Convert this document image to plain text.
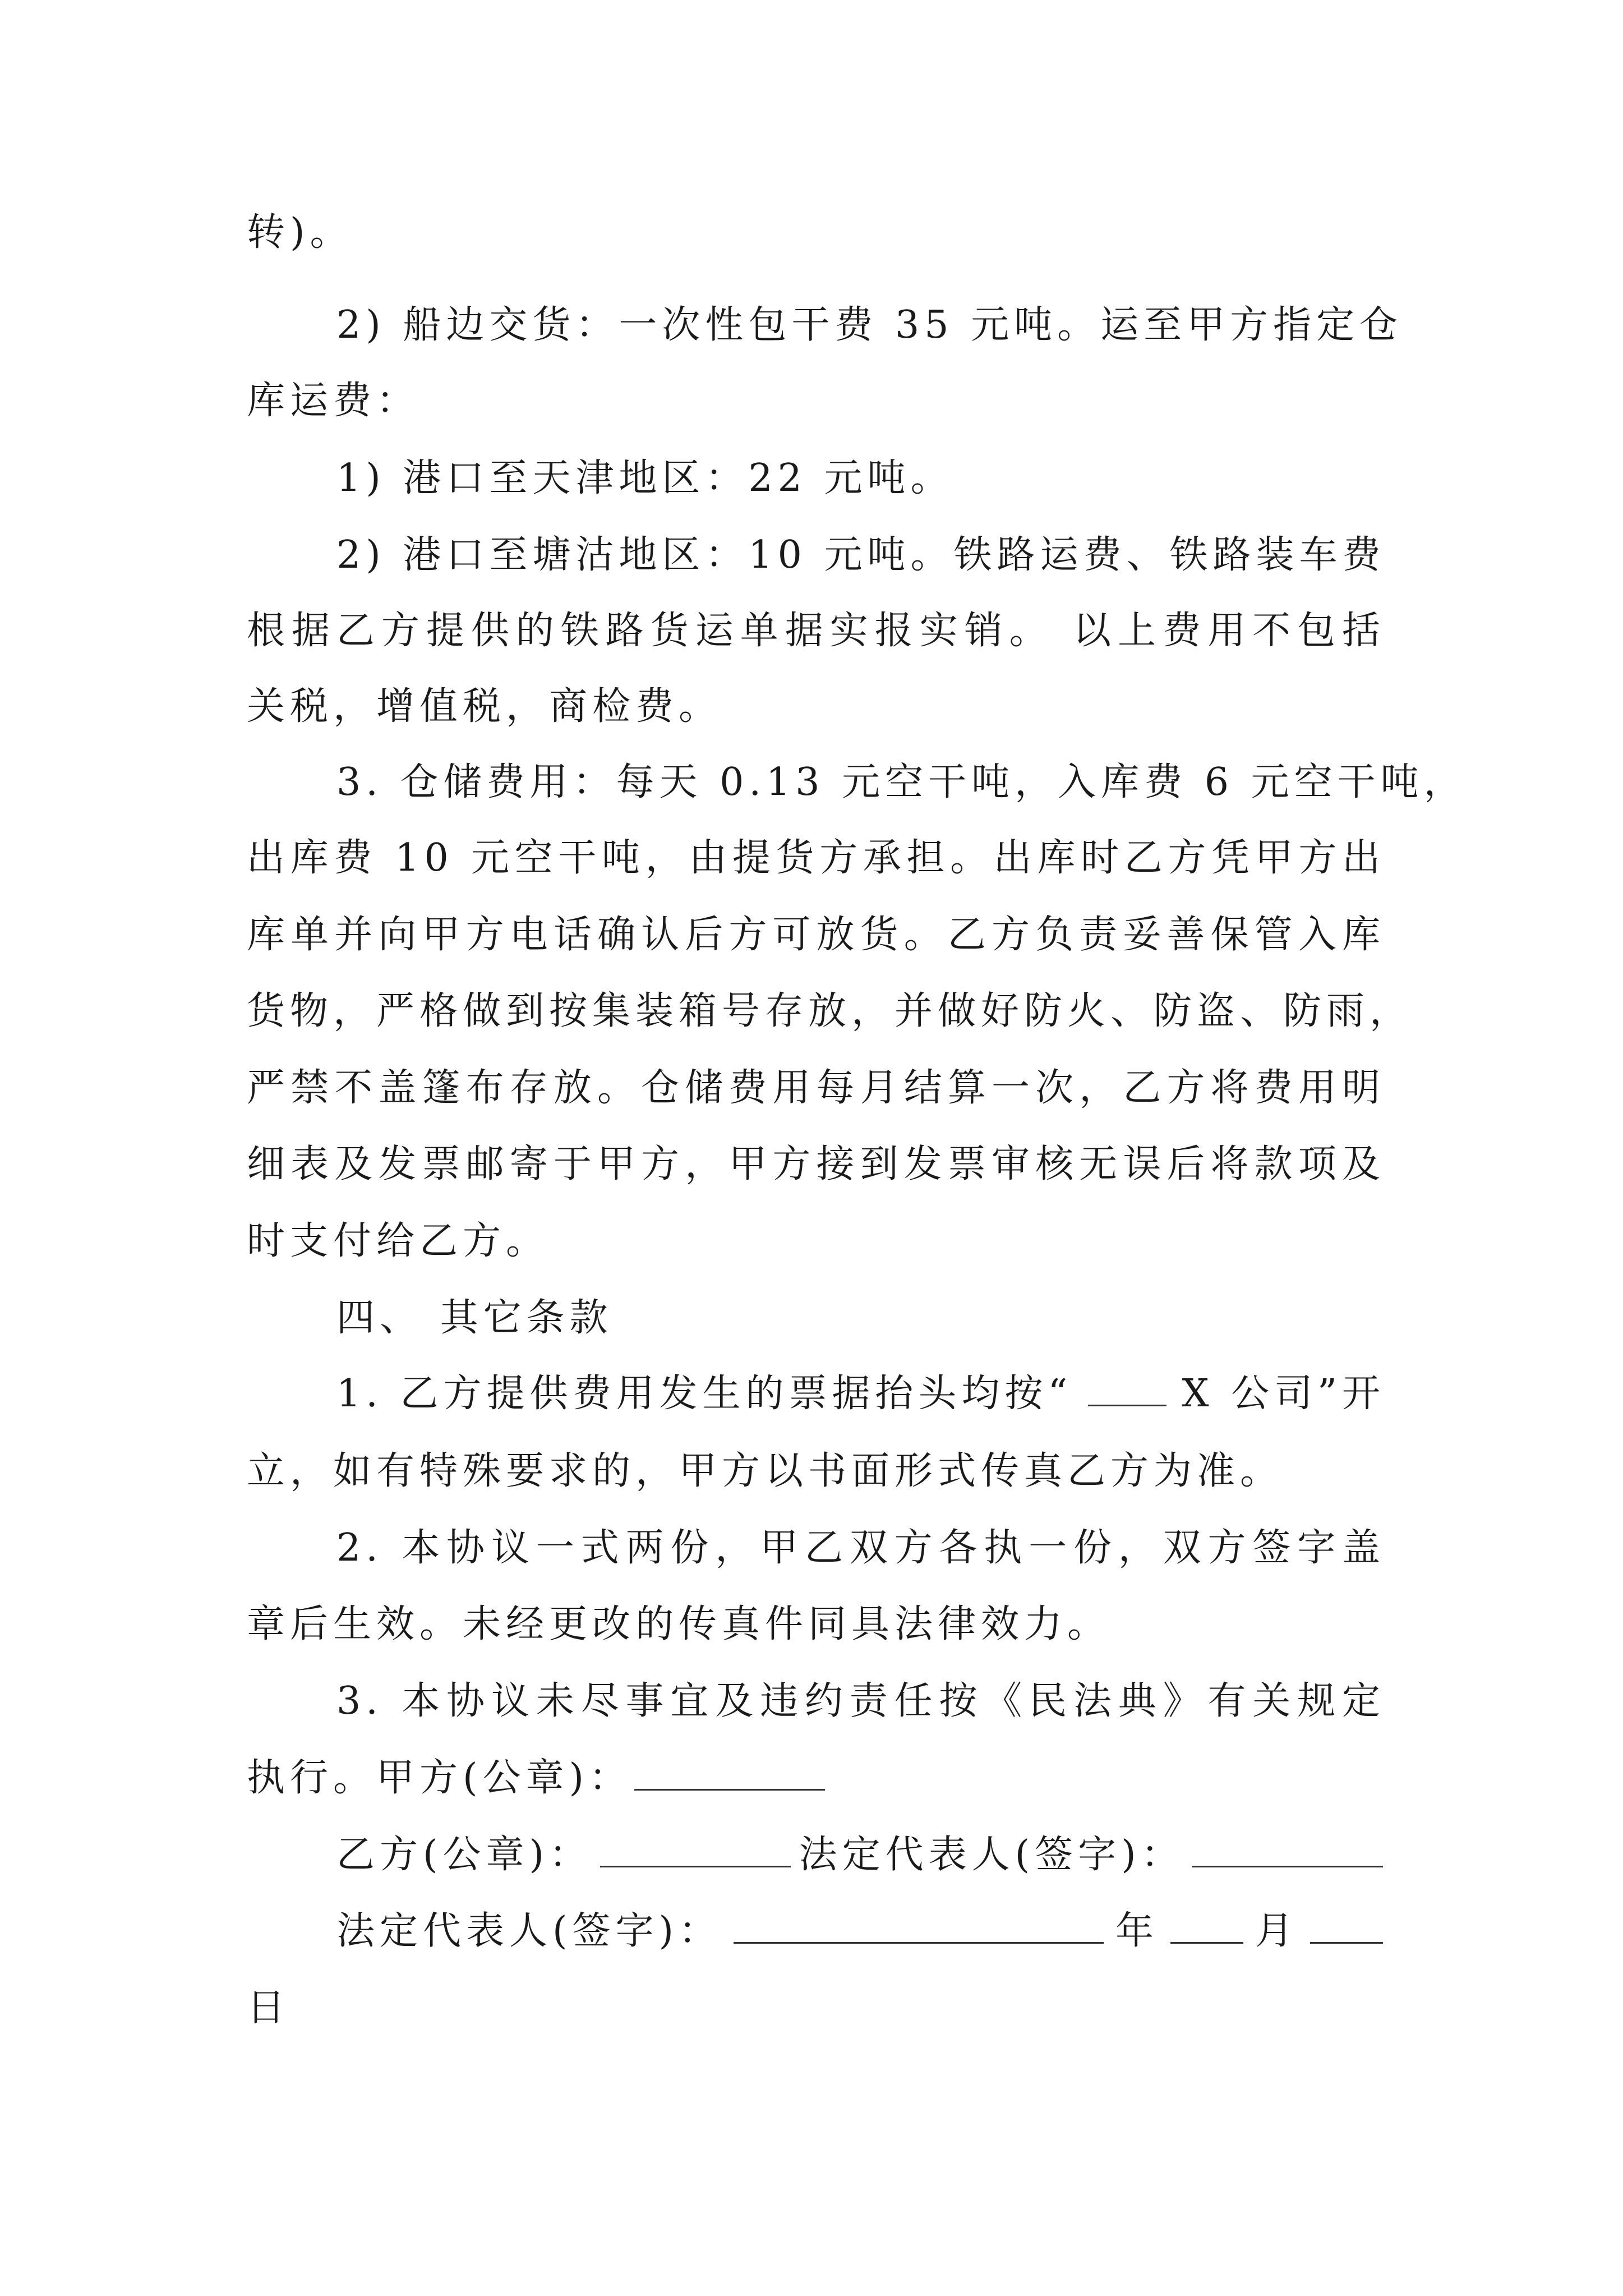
转)。
2) 船边交货：一次性包干费 35 元吨。运至甲方指定仓
库运费：
1) 港口至天津地区：22 元吨。
2) 港口至塘沽地区：10 元吨。铁路运费、铁路装车费
根据乙方提供的铁路货运单据实报实销。 以上费用不包括
关税，增值税，商检费。
3. 仓储费用：每天 0.13 元空干吨，入库费 6 元空干吨，
出库费 10 元空干吨，由提货方承担。出库时乙方凭甲方出
库单并向甲方电话确认后方可放货。乙方负责妥善保管入库
货物，严格做到按集装箱号存放，并做好防火、防盗、防雨，
严禁不盖篷布存放。仓储费用每月结算一次，乙方将费用明
细表及发票邮寄于甲方，甲方接到发票审核无误后将款项及
时支付给乙方。
四、 其它条款
1. 乙方提供费用发生的票据抬头均按“	X 公司”开
立，如有特殊要求的，甲方以书面形式传真乙方为准。
2. 本协议一式两份，甲乙双方各执一份，双方签字盖
章后生效。未经更改的传真件同具法律效力。
3. 本协议未尽事宜及违约责任按《民法典》有关规定
执行。甲方(公章)：
乙方(公章)：	法定代表人(签字)：
法定代表人(签字)：	年	月
日
